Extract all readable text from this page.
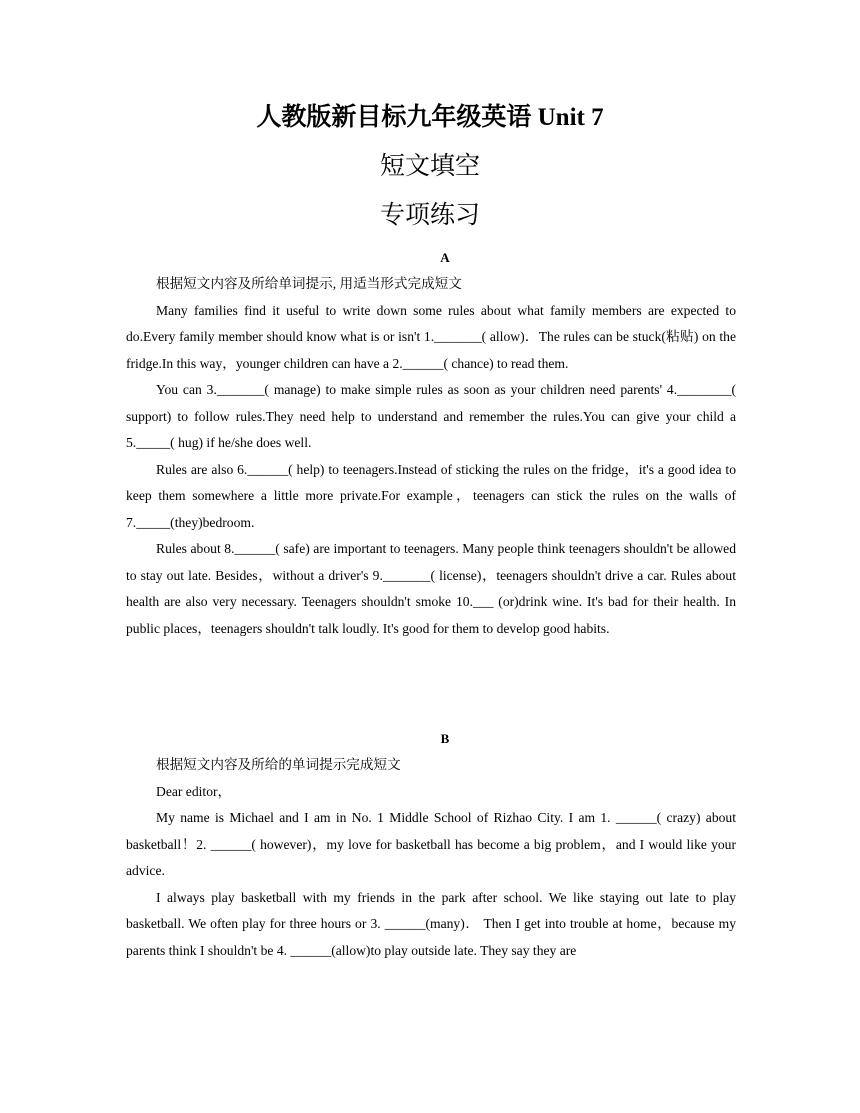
人教版新目标九年级英语 Unit 7
短文填空
专项练习
A

根据短文内容及所给单词提示, 用适当形式完成短文

Many families find it useful to write down some rules about what family members are expected to do.Every family member should know what is or isn't 1._______( allow)．The rules can be stuck(粘贴) on the fridge.In this way，younger children can have a 2.______( chance) to read them.

You can 3._______( manage) to make simple rules as soon as your children need parents' 4.________( support) to follow rules.They need help to understand and remember the rules.You can give your child a 5._____( hug) if he/she does well.

Rules are also 6.______( help) to teenagers.Instead of sticking the rules on the fridge，it's a good idea to keep them somewhere a little more private.For example，teenagers can stick the rules on the walls of 7._____(they)bedroom.

Rules about 8.______( safe) are important to teenagers. Many people think teenagers shouldn't be allowed to stay out late. Besides，without a driver's 9._______( license)，teenagers shouldn't drive a car. Rules about health are also very necessary. Teenagers shouldn't smoke 10.___ (or)drink wine. It's bad for their health. In public places，teenagers shouldn't talk loudly. It's good for them to develop good habits.

B

根据短文内容及所给的单词提示完成短文

Dear editor，

My name is Michael and I am in No. 1 Middle School of Rizhao City. I am 1. ______( crazy) about basketball！2. ______( however)，my love for basketball has become a big problem，and I would like your advice.

I always play basketball with my friends in the park after school. We like staying out late to play basketball. We often play for three hours or 3. ______(many)． Then I get into trouble at home，because my parents think I shouldn't be 4. ______(allow)to play outside late. They say they are
